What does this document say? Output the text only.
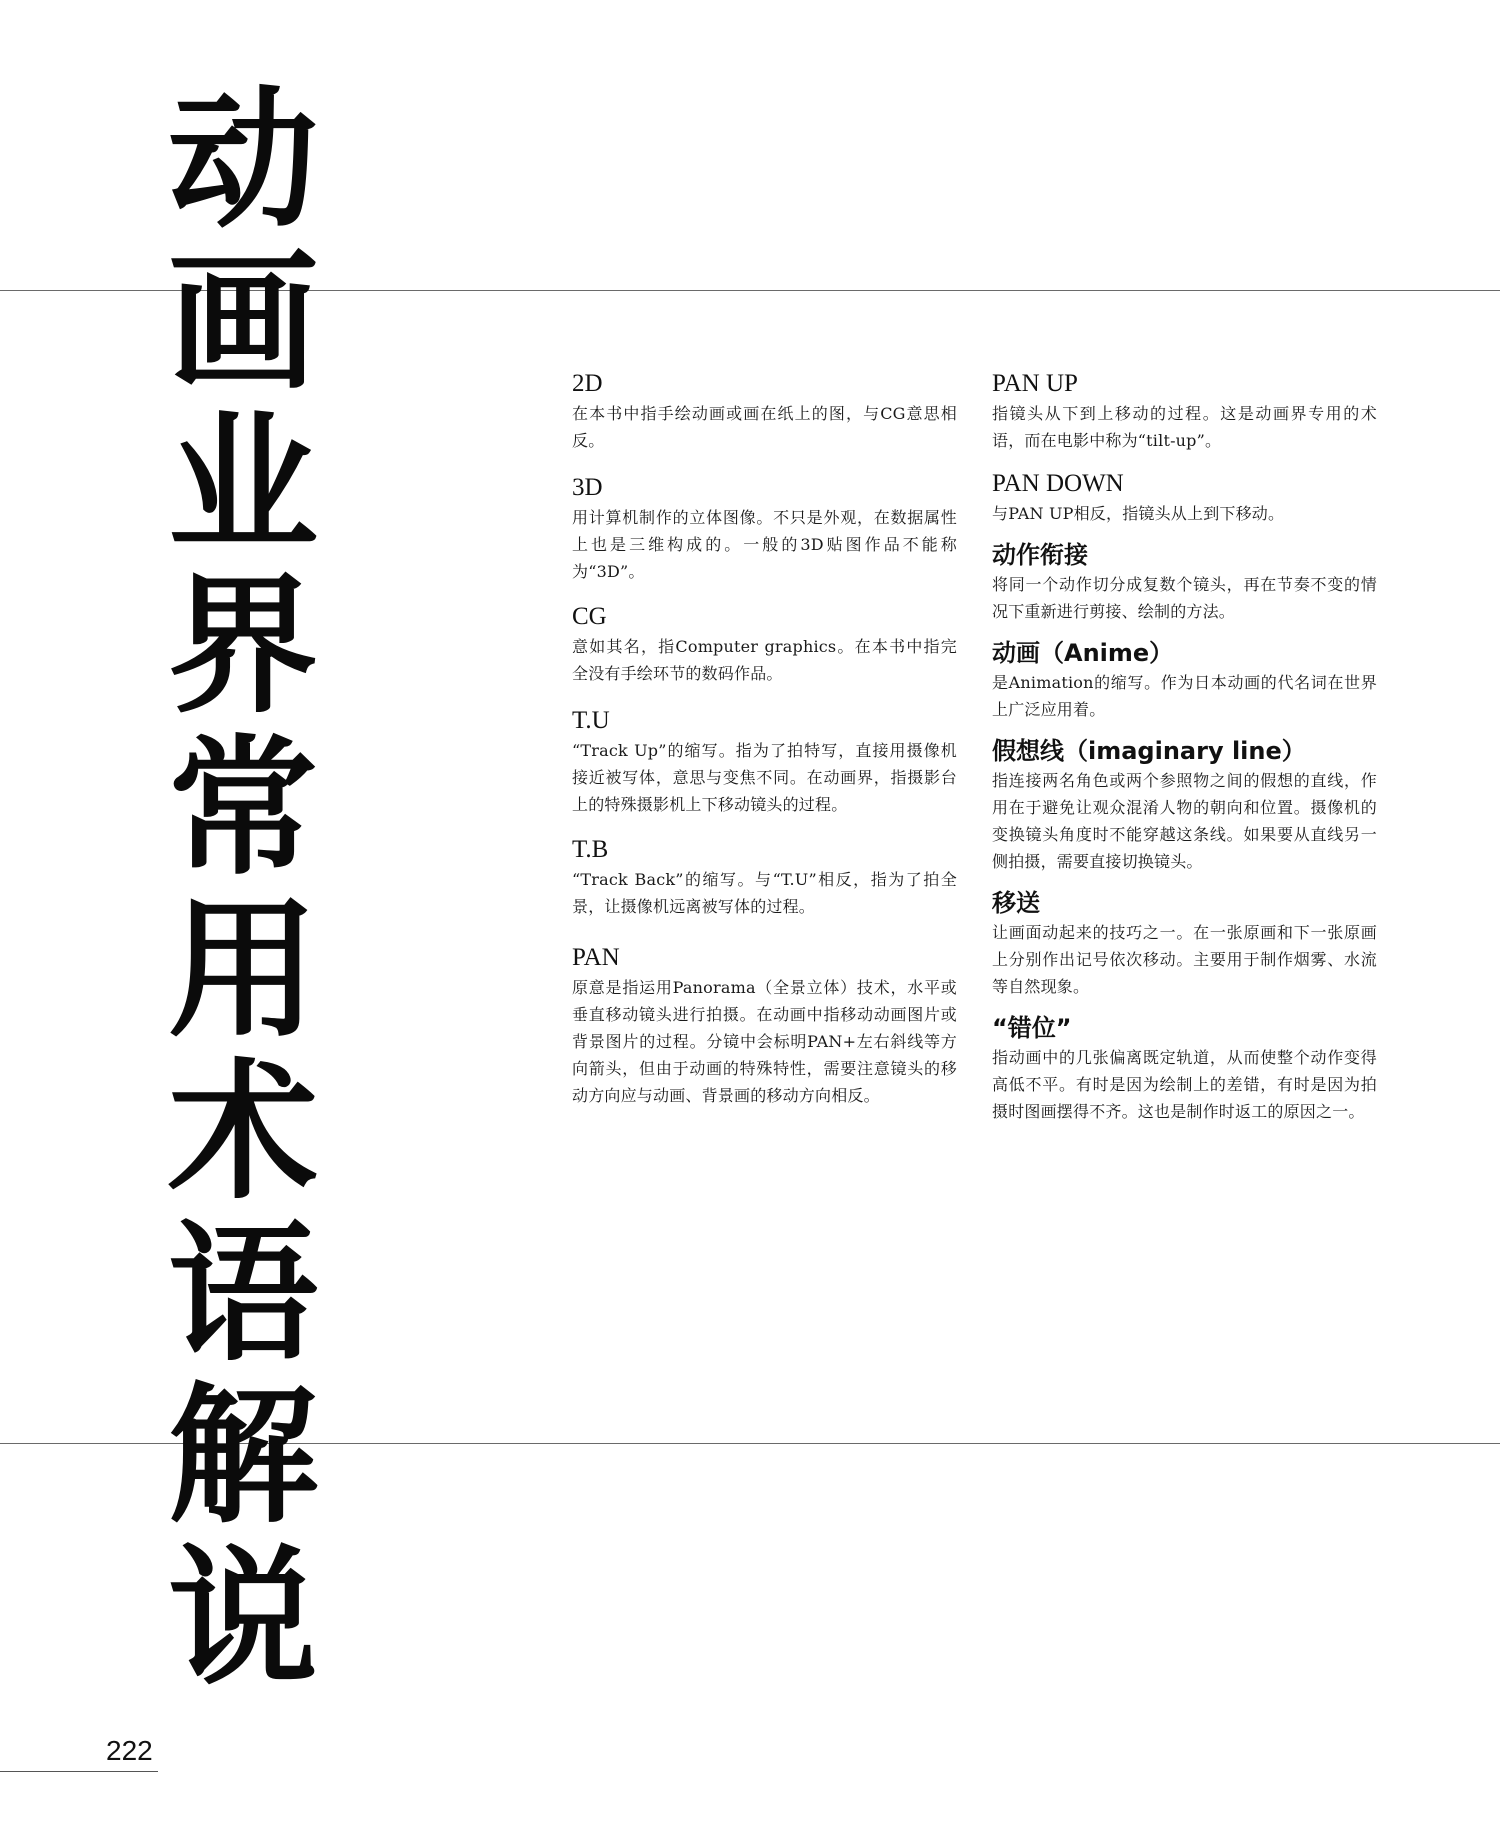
动
画
业
界
常
用
术
语
解
说
2D

在本书中指手绘动画或画在纸上的图，与CG意思相反。

3D

用计算机制作的立体图像。不只是外观，在数据属性上也是三维构成的。一般的3D贴图作品不能称为“3D”。

CG

意如其名，指Computer graphics。在本书中指完全没有手绘环节的数码作品。

T.U

“Track Up”的缩写。指为了拍特写，直接用摄像机接近被写体，意思与变焦不同。在动画界，指摄影台上的特殊摄影机上下移动镜头的过程。

T.B

“Track Back”的缩写。与“T.U”相反，指为了拍全景，让摄像机远离被写体的过程。

PAN

原意是指运用Panorama（全景立体）技术，水平或垂直移动镜头进行拍摄。在动画中指移动动画图片或背景图片的过程。分镜中会标明PAN+左右斜线等方向箭头，但由于动画的特殊特性，需要注意镜头的移动方向应与动画、背景画的移动方向相反。

PAN UP

指镜头从下到上移动的过程。这是动画界专用的术语，而在电影中称为“tilt-up”。

PAN DOWN

与PAN UP相反，指镜头从上到下移动。

动作衔接

将同一个动作切分成复数个镜头，再在节奏不变的情况下重新进行剪接、绘制的方法。

动画（Anime）

是Animation的缩写。作为日本动画的代名词在世界上广泛应用着。

假想线（imaginary line）

指连接两名角色或两个参照物之间的假想的直线，作用在于避免让观众混淆人物的朝向和位置。摄像机的变换镜头角度时不能穿越这条线。如果要从直线另一侧拍摄，需要直接切换镜头。

移送

让画面动起来的技巧之一。在一张原画和下一张原画上分别作出记号依次移动。主要用于制作烟雾、水流等自然现象。

“错位”

指动画中的几张偏离既定轨道，从而使整个动作变得高低不平。有时是因为绘制上的差错，有时是因为拍摄时图画摆得不齐。这也是制作时返工的原因之一。

222
